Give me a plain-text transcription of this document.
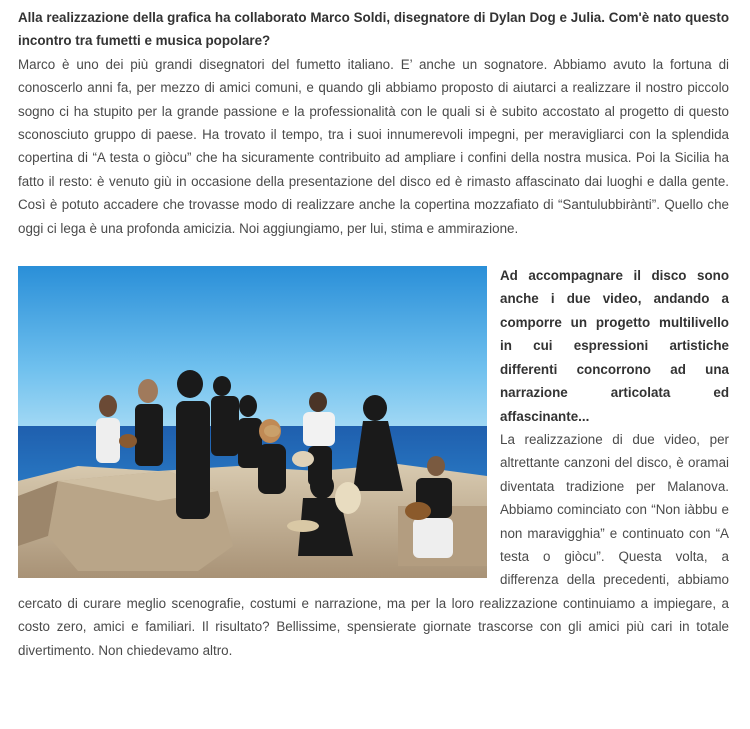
Alla realizzazione della grafica ha collaborato Marco Soldi, disegnatore di Dylan Dog e Julia. Com'è nato questo incontro tra fumetti e musica popolare?

Marco è uno dei più grandi disegnatori del fumetto italiano. E’ anche un sognatore. Abbiamo avuto la fortuna di conoscerlo anni fa, per mezzo di amici comuni, e quando gli abbiamo proposto di aiutarci a realizzare il nostro piccolo sogno ci ha stupito per la grande passione e la professionalità con le quali si è subito accostato al progetto di questo sconosciuto gruppo di paese. Ha trovato il tempo, tra i suoi innumerevoli impegni, per meravigliarci con la splendida copertina di “A testa o giòcu” che ha sicuramente contribuito ad ampliare i confini della nostra musica. Poi la Sicilia ha fatto il resto: è venuto giù in occasione della presentazione del disco ed è rimasto affascinato dai luoghi e dalla gente. Così è potuto accadere che trovasse modo di realizzare anche la copertina mozzafiato di “Santulubbirànti”. Quello che oggi ci lega è una profonda amicizia. Noi aggiungiamo, per lui, stima e ammirazione.

Ad accompagnare il disco sono anche i due video, andando a comporre un progetto multilivello in cui espressioni artistiche differenti concorrono ad una narrazione articolata ed affascinante...

La realizzazione di due video, per altrettante canzoni del disco, è oramai diventata tradizione per Malanova. Abbiamo cominciato con “Non iàbbu e non maravigghia” e continuato con “A testa o giòcu”. Questa volta, a differenza della precedenti, abbiamo cercato di curare meglio scenografie, costumi e narrazione, ma per la loro realizzazione continuiamo a impiegare, a costo zero, amici e familiari. Il risultato? Bellissime, spensierate giornate trascorse con gli amici più cari in totale divertimento. Non chiedevamo altro.
